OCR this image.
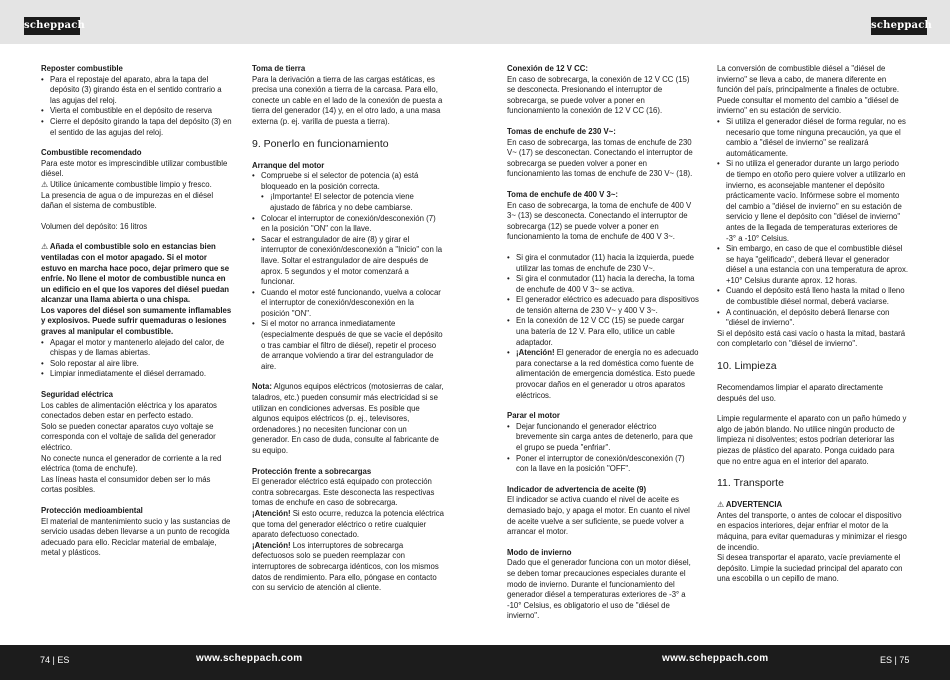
scheppach	scheppach
Reposter combustible
• Para el repostaje del aparato, abra la tapa del depósito (3) girando ésta en el sentido contrario a las agujas del reloj.
• Vierta el combustible en el depósito de reserva
• Cierre el depósito girando la tapa del depósito (3) en el sentido de las agujas del reloj.
Combustible recomendado

Para este motor es imprescindible utilizar combustible diésel.

⚠ Utilice únicamente combustible limpio y fresco.

La presencia de agua o de impurezas en el diésel dañan el sistema de combustible.

Volumen del depósito: 16 litros

⚠ Añada el combustible solo en estancias bien ventiladas con el motor apagado. Si el motor estuvo en marcha hace poco, dejar primero que se enfríe. No llene el motor de combustible nunca en un edificio en el que los vapores del diésel puedan alcanzar una llama abierta o una chispa.

Los vapores del diésel son sumamente inflamables y explosivos. Puede sufrir quemaduras o lesiones graves al manipular el combustible.

• Apagar el motor y mantenerlo alejado del calor, de chispas y de llamas abiertas.
• Solo repostar al aire libre.
• Limpiar inmediatamente el diésel derramado.
Seguridad eléctrica

Los cables de alimentación eléctrica y los aparatos conectados deben estar en perfecto estado.

Solo se pueden conectar aparatos cuyo voltaje se corresponda con el voltaje de salida del generador eléctrico.

No conecte nunca el generador de corriente a la red eléctrica (toma de enchufe).

Las líneas hasta el consumidor deben ser lo más cortas posibles.

Protección medioambiental

El material de mantenimiento sucio y las sustancias de servicio usadas deben llevarse a un punto de recogida adecuado para ello. Reciclar material de embalaje, metal y plásticos.

Toma de tierra

Para la derivación a tierra de las cargas estáticas, es precisa una conexión a tierra de la carcasa. Para ello, conecte un cable en el lado de la conexión de puesta a tierra del generador (14) y, en el otro lado, a una masa externa (p. ej. varilla de puesta a tierra).

9. Ponerlo en funcionamiento
Arranque del motor
• Compruebe si el selector de potencia (a) está bloqueado en la posición correcta.
• ¡Importante! El selector de potencia viene ajustado de fábrica y no debe cambiarse.
• Colocar el interruptor de conexión/desconexión (7) en la posición "ON" con la llave.
• Sacar el estrangulador de aire (8) y girar el interruptor de conexión/desconexión a "Inicio" con la llave. Soltar el estrangulador de aire después de aprox. 5 segundos y el motor comenzará a funcionar.
• Cuando el motor esté funcionando, vuelva a colocar el interruptor de conexión/desconexión en la posición "ON".
• Si el motor no arranca inmediatamente (especialmente después de que se vacíe el depósito o tras cambiar el filtro de diésel), repetir el proceso de arranque volviendo a tirar del estrangulador de aire.

Nota: Algunos equipos eléctricos (motosierras de calar, taladros, etc.) pueden consumir más electricidad si se utilizan en condiciones adversas. Es posible que algunos equipos eléctricos (p. ej., televisores, ordenadores.) no necesiten funcionar con un generador. En caso de duda, consulte al fabricante de su equipo.

Protección frente a sobrecargas

El generador eléctrico está equipado con protección contra sobrecargas. Este desconecta las respectivas tomas de enchufe en caso de sobrecarga.

¡Atención! Si esto ocurre, reduzca la potencia eléctrica que toma del generador eléctrico o retire cualquier aparato defectuoso conectado.

¡Atención! Los interruptores de sobrecarga defectuosos solo se pueden reemplazar con interruptores de sobrecarga idénticos, con los mismos datos de rendimiento. Para ello, póngase en contacto con su servicio de atención al cliente.

Conexión de 12 V CC:

En caso de sobrecarga, la conexión de 12 V CC (15) se desconecta. Presionando el interruptor de sobrecarga, se puede volver a poner en funcionamiento la conexión de 12 V CC (16).

Tomas de enchufe de 230 V~:

En caso de sobrecarga, las tomas de enchufe de 230 V~ (17) se desconectan. Conectando el interruptor de sobrecarga se pueden volver a poner en funcionamiento las tomas de enchufe de 230 V~ (18).

Toma de enchufe de 400 V 3~:

En caso de sobrecarga, la toma de enchufe de 400 V 3~ (13) se desconecta. Conectando el interruptor de sobrecarga (12) se puede volver a poner en funcionamiento la toma de enchufe de 400 V 3~.

• Si gira el conmutador (11) hacia la izquierda, puede utilizar las tomas de enchufe de 230 V~.
• Si gira el conmutador (11) hacia la derecha, la toma de enchufe de 400 V 3~ se activa.
• El generador eléctrico es adecuado para dispositivos de tensión alterna de 230 V~ y 400 V 3~.
• En la conexión de 12 V CC (15) se puede cargar una batería de 12 V. Para ello, utilice un cable adaptador.
• ¡Atención! El generador de energía no es adecuado para conectarse a la red doméstica como fuente de alimentación de emergencia doméstica. Esto puede provocar daños en el generador u otros aparatos eléctricos.
Parar el motor
• Dejar funcionando el generador eléctrico brevemente sin carga antes de detenerlo, para que el grupo se pueda "enfriar".
• Poner el interruptor de conexión/desconexión (7) con la llave en la posición "OFF".
Indicador de advertencia de aceite (9)

El indicador se activa cuando el nivel de aceite es demasiado bajo, y apaga el motor. En cuanto el nivel de aceite vuelve a ser suficiente, se puede volver a arrancar el motor.

Modo de invierno

Dado que el generador funciona con un motor diésel, se deben tomar precauciones especiales durante el modo de invierno. Durante el funcionamiento del generador diésel a temperaturas exteriores de -3° a -10° Celsius, es obligatorio el uso de "diésel de invierno".

La conversión de combustible diésel a "diésel de invierno" se lleva a cabo, de manera diferente en función del país, principalmente a finales de octubre. Puede consultar el momento del cambio a "diésel de invierno" en su estación de servicio.

• Si utiliza el generador diésel de forma regular, no es necesario que tome ninguna precaución, ya que el cambio a "diésel de invierno" se realizará automáticamente.
• Si no utiliza el generador durante un largo periodo de tiempo en otoño pero quiere volver a utilizarlo en invierno, es aconsejable mantener el depósito prácticamente vacío. Infórmese sobre el momento del cambio a "diésel de invierno" en su estación de servicio y llene el depósito con "diésel de invierno" antes de la llegada de temperaturas exteriores de -3° a -10° Celsius.
• Sin embargo, en caso de que el combustible diésel se haya "gelificado", deberá llevar el generador diésel a una estancia con una temperatura de aprox. +10° Celsius durante aprox. 12 horas.
• Cuando el depósito está lleno hasta la mitad o lleno de combustible diésel normal, deberá vaciarse.
• A continuación, el depósito deberá llenarse con "diésel de invierno".

Si el depósito está casi vacío o hasta la mitad, bastará con completarlo con "diésel de invierno".

10. Limpieza

Recomendamos limpiar el aparato directamente después del uso.

Limpie regularmente el aparato con un paño húmedo y algo de jabón blando. No utilice ningún producto de limpieza ni disolventes; estos podrían deteriorar las piezas de plástico del aparato. Ponga cuidado para que no entre agua en el interior del aparato.

11. Transporte
⚠ ADVERTENCIA

Antes del transporte, o antes de colocar el dispositivo en espacios interiores, dejar enfriar el motor de la máquina, para evitar quemaduras y minimizar el riesgo de incendio.

Si desea transportar el aparato, vacíe previamente el depósito. Limpie la suciedad principal del aparato con una escobilla o un cepillo de mano.

74 | ES	www.scheppach.com	www.scheppach.com	ES | 75
